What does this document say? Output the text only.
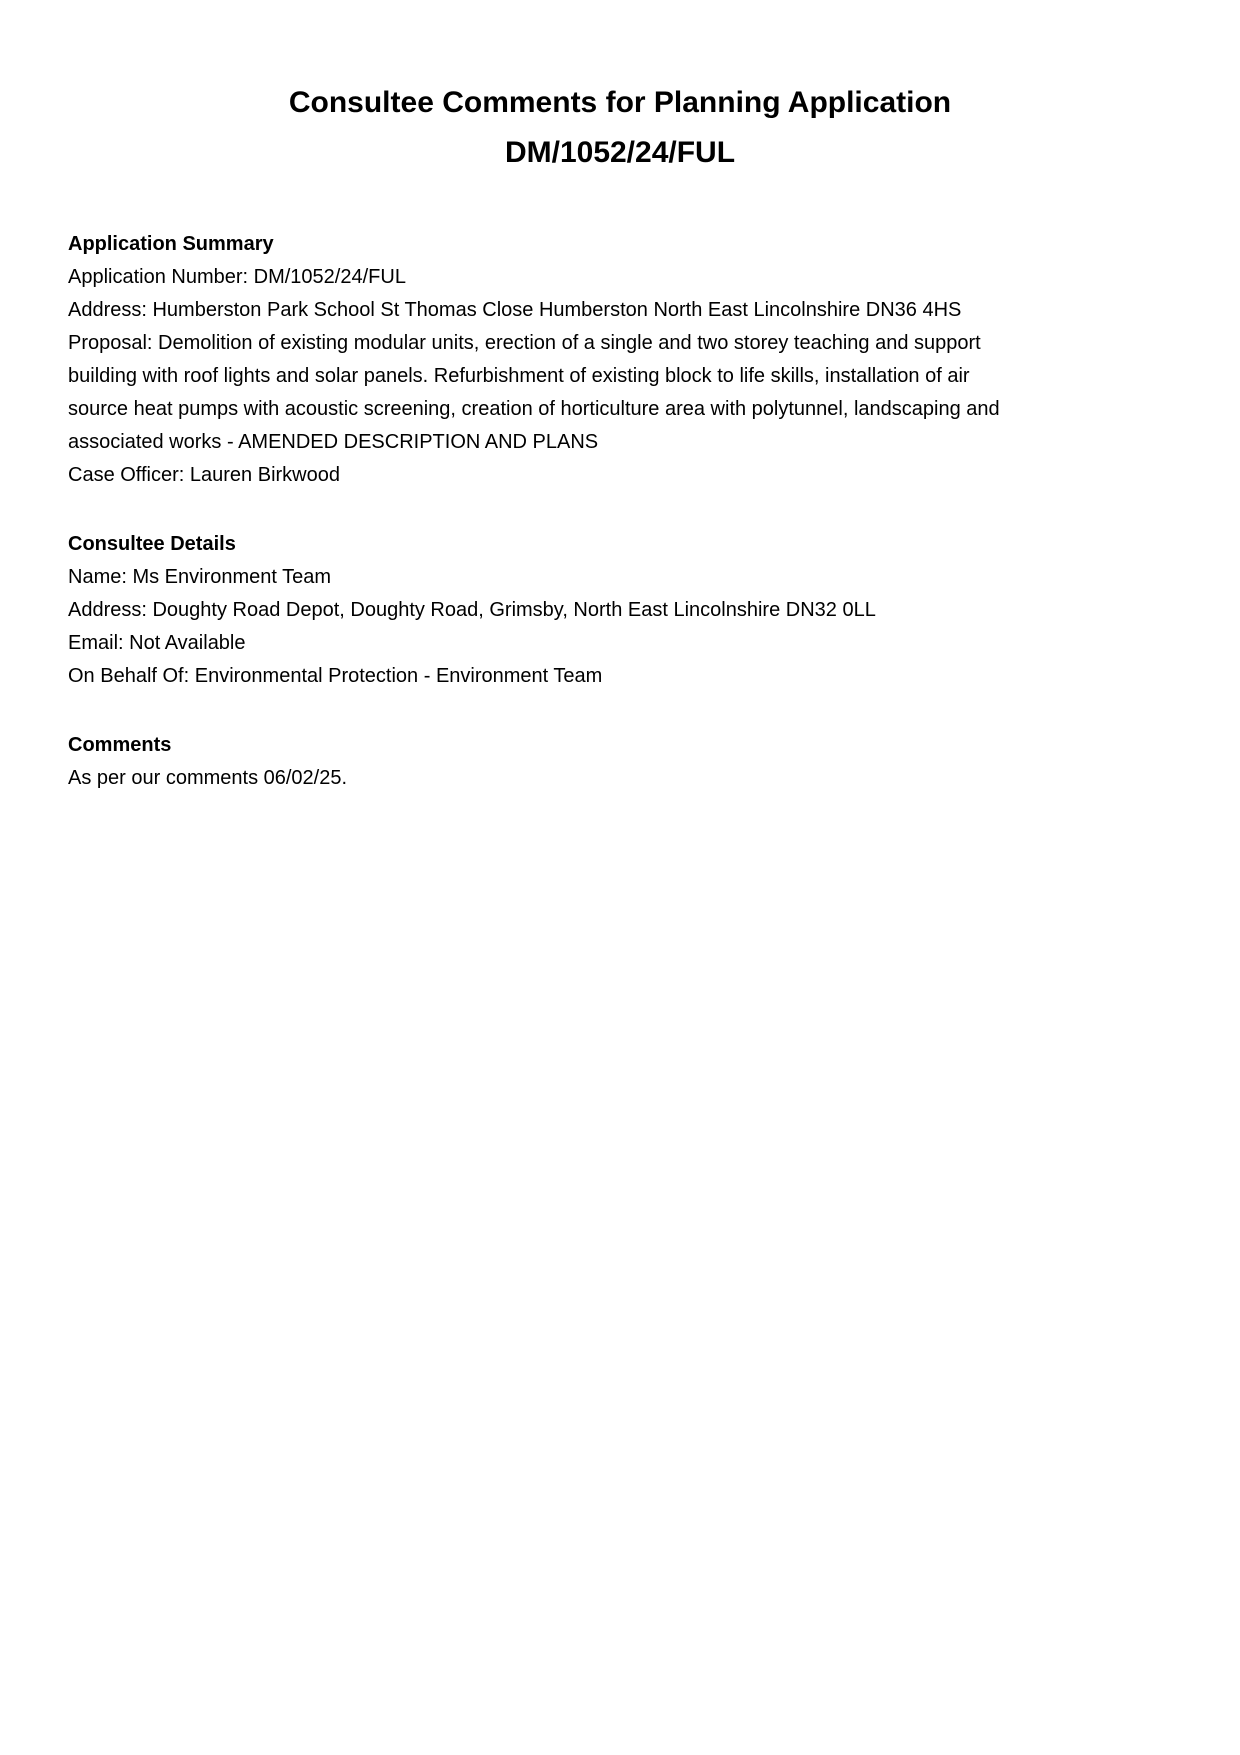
Consultee Comments for Planning Application
DM/1052/24/FUL

Application Summary

Application Number: DM/1052/24/FUL

Address: Humberston Park School St Thomas Close Humberston North East Lincolnshire DN36 4HS

Proposal: Demolition of existing modular units, erection of a single and two storey teaching and support building with roof lights and solar panels. Refurbishment of existing block to life skills, installation of air source heat pumps with acoustic screening, creation of horticulture area with polytunnel, landscaping and associated works - AMENDED DESCRIPTION AND PLANS

Case Officer: Lauren Birkwood

Consultee Details

Name: Ms Environment Team

Address: Doughty Road Depot, Doughty Road, Grimsby, North East Lincolnshire DN32 0LL

Email: Not Available

On Behalf Of: Environmental Protection - Environment Team

Comments

As per our comments 06/02/25.
